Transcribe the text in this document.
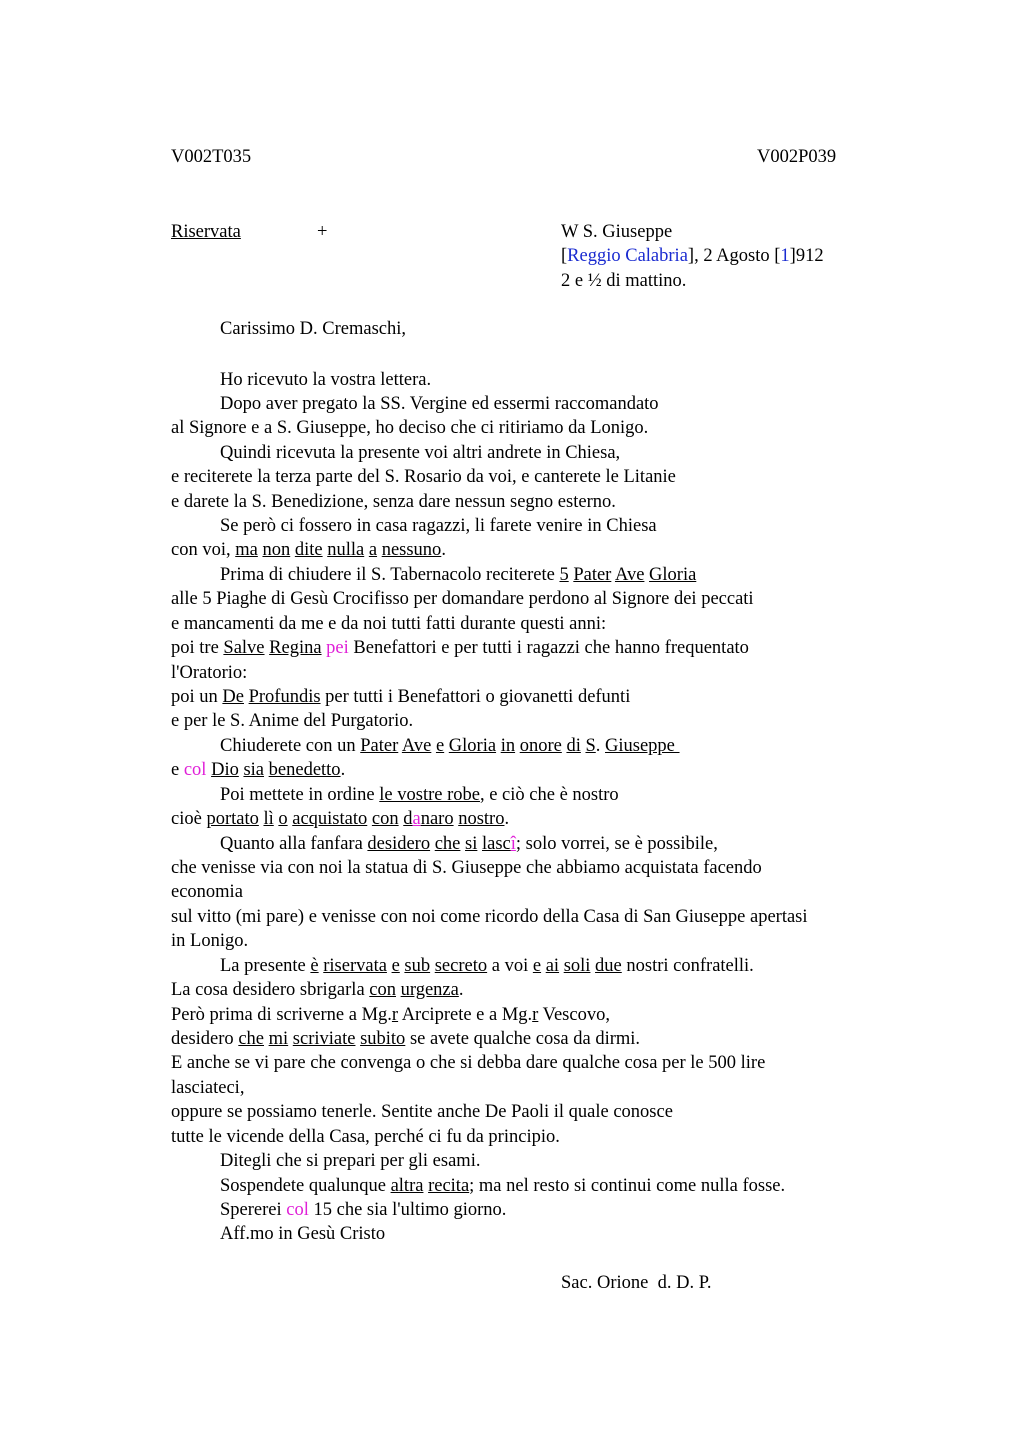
V002T035	V002P039
Riservata	+	W S. Giuseppe
[Reggio Calabria], 2 Agosto [1]912
2 e ½ di mattino.
Carissimo D. Cremaschi,
Ho ricevuto la vostra lettera.
Dopo aver pregato la SS. Vergine ed essermi raccomandato
al Signore e a S. Giuseppe, ho deciso che ci ritiriamo da Lonigo.
Quindi ricevuta la presente voi altri andrete in Chiesa,
e reciterete la terza parte del S. Rosario da voi, e canterete le Litanie
e darete la S. Benedizione, senza dare nessun segno esterno.
Se però ci fossero in casa ragazzi, li farete venire in Chiesa
con voi, ma non dite nulla a nessuno.
Prima di chiudere il S. Tabernacolo reciterete 5 Pater Ave Gloria
alle 5 Piaghe di Gesù Crocifisso per domandare perdono al Signore dei peccati
e mancamenti da me e da noi tutti fatti durante questi anni:
poi tre Salve Regina pei Benefattori e per tutti i ragazzi che hanno frequentato
l'Oratorio:
poi un De Profundis per tutti i Benefattori o giovanetti defunti
e per le S. Anime del Purgatorio.
Chiuderete con un Pater Ave e Gloria in onore di S. Giuseppe
e col Dio sia benedetto.
Poi mettete in ordine le vostre robe, e ciò che è nostro
cioè portato lì o acquistato con danaro nostro.
Quanto alla fanfara desidero che si lascî; solo vorrei, se è possibile,
che venisse via con noi la statua di S. Giuseppe che abbiamo acquistata facendo
economia
sul vitto (mi pare) e venisse con noi come ricordo della Casa di San Giuseppe apertasi
in Lonigo.
La presente è riservata e sub secreto a voi e ai soli due nostri confratelli.
La cosa desidero sbrigarla con urgenza.
Però prima di scriverne a Mg.r Arciprete e a Mg.r Vescovo,
desidero che mi scriviate subito se avete qualche cosa da dirmi.
E anche se vi pare che convenga o che si debba dare qualche cosa per le 500 lire
lasciateci,
oppure se possiamo tenerle. Sentite anche De Paoli il quale conosce
tutte le vicende della Casa, perché ci fu da principio.
Ditegli che si prepari per gli esami.
Sospendete qualunque altra recita; ma nel resto si continui come nulla fosse.
Spererei col 15 che sia l'ultimo giorno.
Aff.mo in Gesù Cristo
Sac. Orione  d. D. P.
